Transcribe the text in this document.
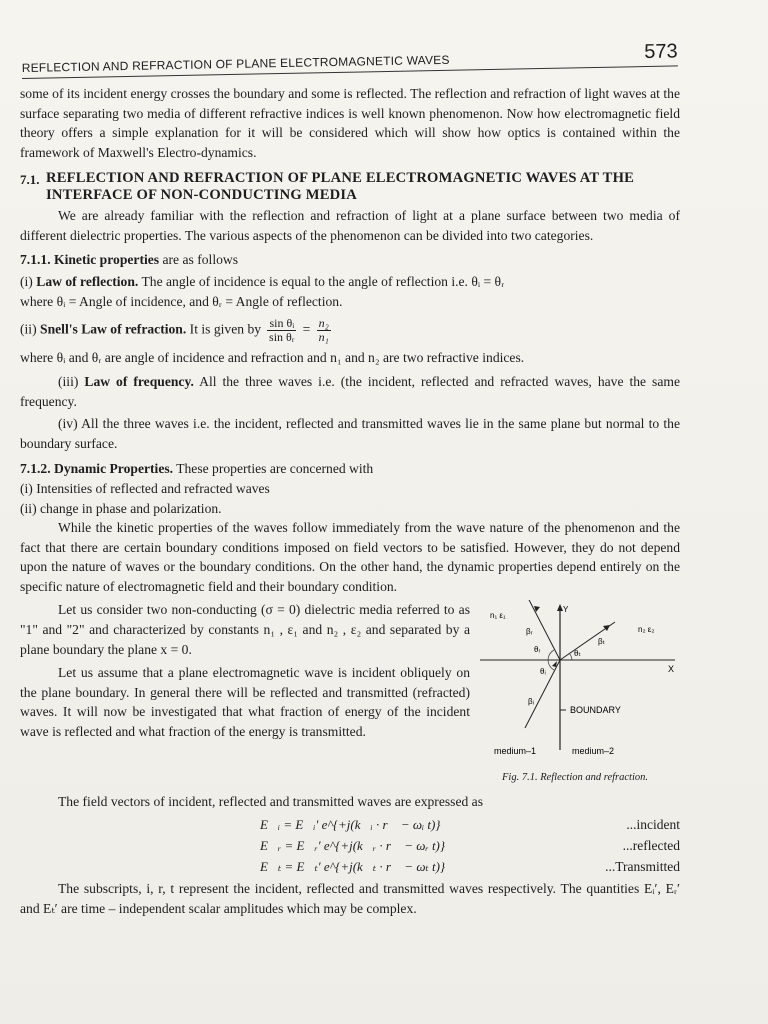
REFLECTION AND REFRACTION OF PLANE ELECTROMAGNETIC WAVES
573

some of its incident energy crosses the boundary and some is reflected. The reflection and refraction of light waves at the surface separating two media of different refractive indices is well known phenomenon. Now how electromagnetic field theory offers a simple explanation for it will be considered which will show how optics is contained within the framework of Maxwell's Electro-dynamics.

7.1. REFLECTION AND REFRACTION OF PLANE ELECTROMAGNETIC WAVES AT THE INTERFACE OF NON-CONDUCTING MEDIA

We are already familiar with the reflection and refraction of light at a plane surface between two media of different dielectric properties. The various aspects of the phenomenon can be divided into two categories.

7.1.1. Kinetic properties are as follows

(i) Law of reflection. The angle of incidence is equal to the angle of reflection i.e. θᵢ = θᵣ

where θᵢ = Angle of incidence, and θᵣ = Angle of reflection.

(ii) Snell's Law of refraction. It is given by $\frac{\text{sin θᵢ}}{\text{sin θᵣ}} = \frac{\text{n₂}}{\text{n₁}}$

where θᵢ and θᵣ are angle of incidence and refraction and n₁ and n₂ are two refractive indices.

(iii) Law of frequency. All the three waves i.e. (the incident, reflected and refracted waves, have the same frequency.

(iv) All the three waves i.e. the incident, reflected and transmitted waves lie in the same plane but normal to the boundary surface.

7.1.2. Dynamic Properties. These properties are concerned with

(i) Intensities of reflected and refracted waves

(ii) change in phase and polarization.

While the kinetic properties of the waves follow immediately from the wave nature of the phenomenon and the fact that there are certain boundary conditions imposed on field vectors to be satisfied. However, they do not depend upon the nature of waves or the boundary conditions. On the other hand, the dynamic properties depend entirely on the specific nature of electromagnetic field and their boundary condition.

Let us consider two non-conducting (σ = 0) dielectric media referred to as "1" and "2" and characterized by constants n₁ , ε₁ and n₂ , ε₂ and separated by a plane boundary the plane x = 0.

Let us assume that a plane electromagnetic wave is incident obliquely on the plane boundary. In general there will be reflected and transmitted (refracted) waves. It will now be investigated that what fraction of energy of the incident wave is reflected and what fraction of the energy is transmitted.

n₁ ε₁
n₂ ε₂
Y
X
BOUNDARY
medium–1	medium–2
βᵣ
βₜ
βᵢ
θᵣ
θᵢ
θₜ
Fig. 7.1. Reflection and refraction.

The field vectors of incident, reflected and transmitted waves are expressed as

E⃗ᵢ = E⃗ᵢ′ e^{+j(k⃗ᵢ · r⃗ − ωᵢ t)}	...incident
E⃗ᵣ = E⃗ᵣ′ e^{+j(k⃗ᵣ · r⃗ − ωᵣ t)}	...reflected
E⃗ₜ = E⃗ₜ′ e^{+j(k⃗ₜ · r⃗ − ωₜ t)}	...Transmitted

The subscripts, i, r, t represent the incident, reflected and transmitted waves respectively. The quantities Eᵢ′, Eᵣ′ and Eₜ′ are time – independent scalar amplitudes which may be complex.
